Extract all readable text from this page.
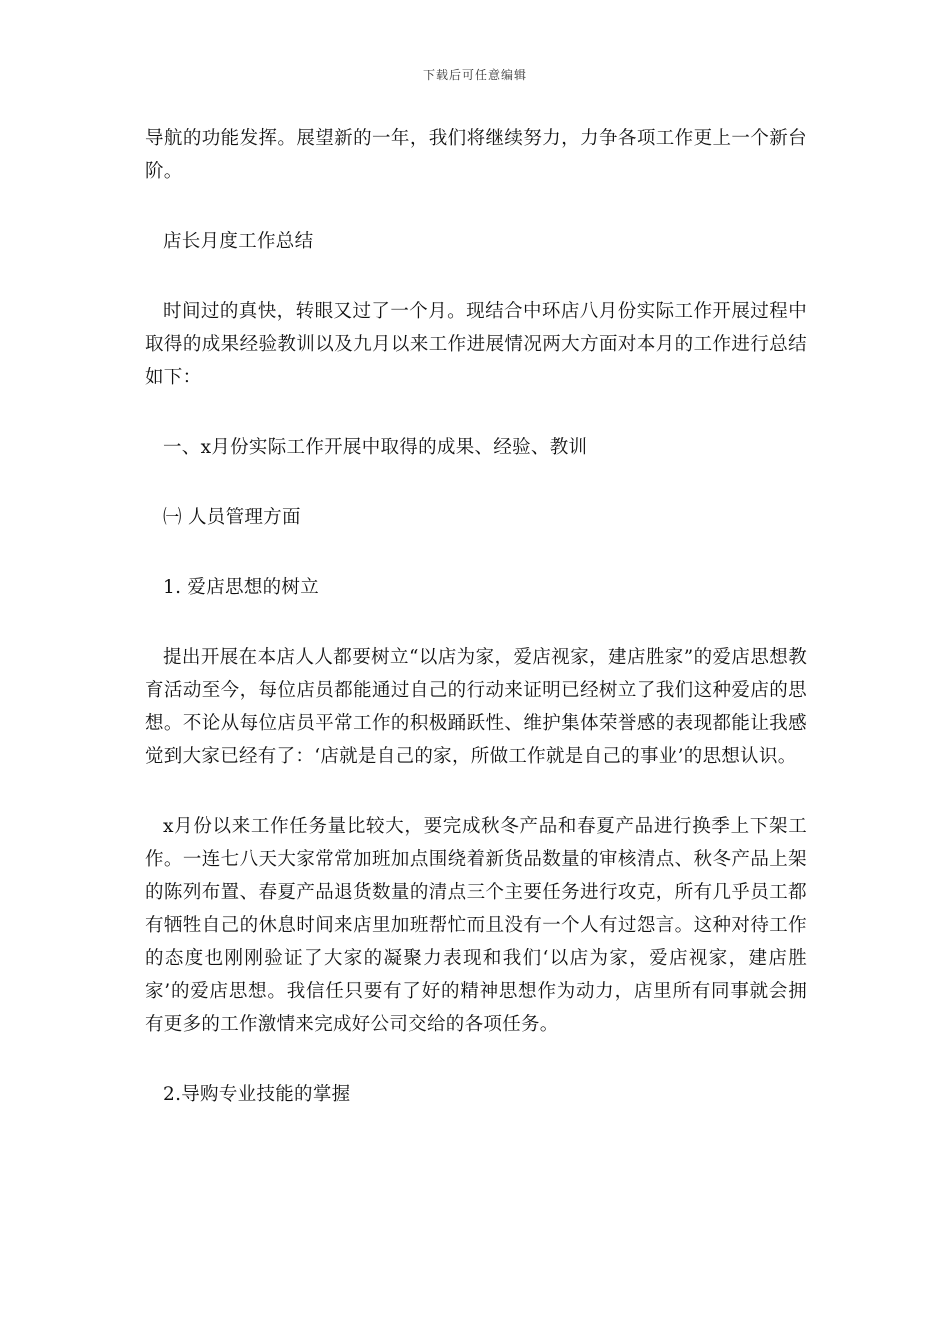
下载后可任意编辑

导航的功能发挥。展望新的一年，我们将继续努力，力争各项工作更上一个新台阶。

店长月度工作总结

时间过的真快，转眼又过了一个月。现结合中环店八月份实际工作开展过程中取得的成果经验教训以及九月以来工作进展情况两大方面对本月的工作进行总结如下：

一、x月份实际工作开展中取得的成果、经验、教训

㈠ 人员管理方面

1. 爱店思想的树立

提出开展在本店人人都要树立“以店为家，爱店视家，建店胜家”的爱店思想教育活动至今，每位店员都能通过自己的行动来证明已经树立了我们这种爱店的思想。不论从每位店员平常工作的积极踊跃性、维护集体荣誉感的表现都能让我感觉到大家已经有了：‘店就是自己的家，所做工作就是自己的事业’的思想认识。

x月份以来工作任务量比较大，要完成秋冬产品和春夏产品进行换季上下架工作。一连七八天大家常常加班加点围绕着新货品数量的审核清点、秋冬产品上架的陈列布置、春夏产品退货数量的清点三个主要任务进行攻克，所有几乎员工都有牺牲自己的休息时间来店里加班帮忙而且没有一个人有过怨言。这种对待工作的态度也刚刚验证了大家的凝聚力表现和我们‘以店为家，爱店视家，建店胜家’的爱店思想。我信任只要有了好的精神思想作为动力，店里所有同事就会拥有更多的工作激情来完成好公司交给的各项任务。

2.导购专业技能的掌握
